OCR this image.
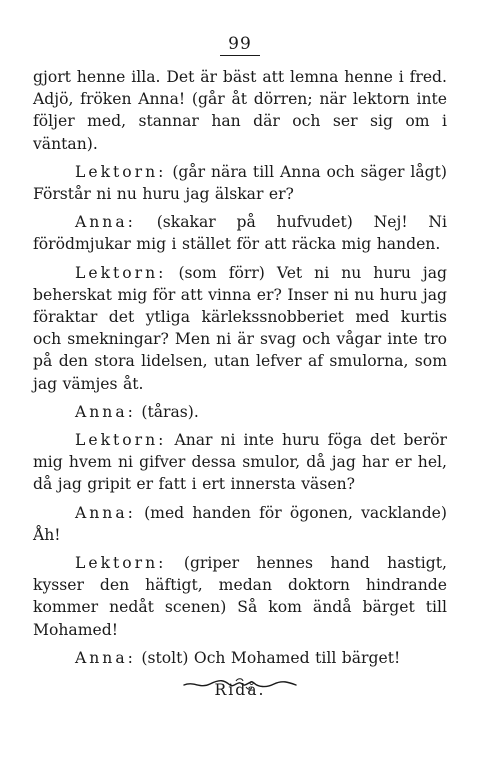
99

gjort henne illa. Det är bäst att lemna henne i fred. Adjö, fröken Anna! (går åt dörren; när lektorn inte följer med, stannar han där och ser sig om i väntan).

Lektorn: (går nära till Anna och säger lågt) Förstår ni nu huru jag älskar er?

Anna: (skakar på hufvudet) Nej! Ni förödmjukar mig i stället för att räcka mig handen.

Lektorn: (som förr) Vet ni nu huru jag beherskat mig för att vinna er? Inser ni nu huru jag föraktar det ytliga kärlekssnobberiet med kurtis och smekningar? Men ni är svag och vågar inte tro på den stora lidelsen, utan lefver af smulorna, som jag vämjes åt.

Anna: (tåras).

Lektorn: Anar ni inte huru föga det berör mig hvem ni gifver dessa smulor, då jag har er hel, då jag gripit er fatt i ert innersta väsen?

Anna: (med handen för ögonen, vacklande) Åh!

Lektorn: (griper hennes hand hastigt, kysser den häftigt, medan doktorn hindrande kommer nedåt scenen) Så kom ändå bärget till Mohamed!

Anna: (stolt) Och Mohamed till bärget!

Ridå.
